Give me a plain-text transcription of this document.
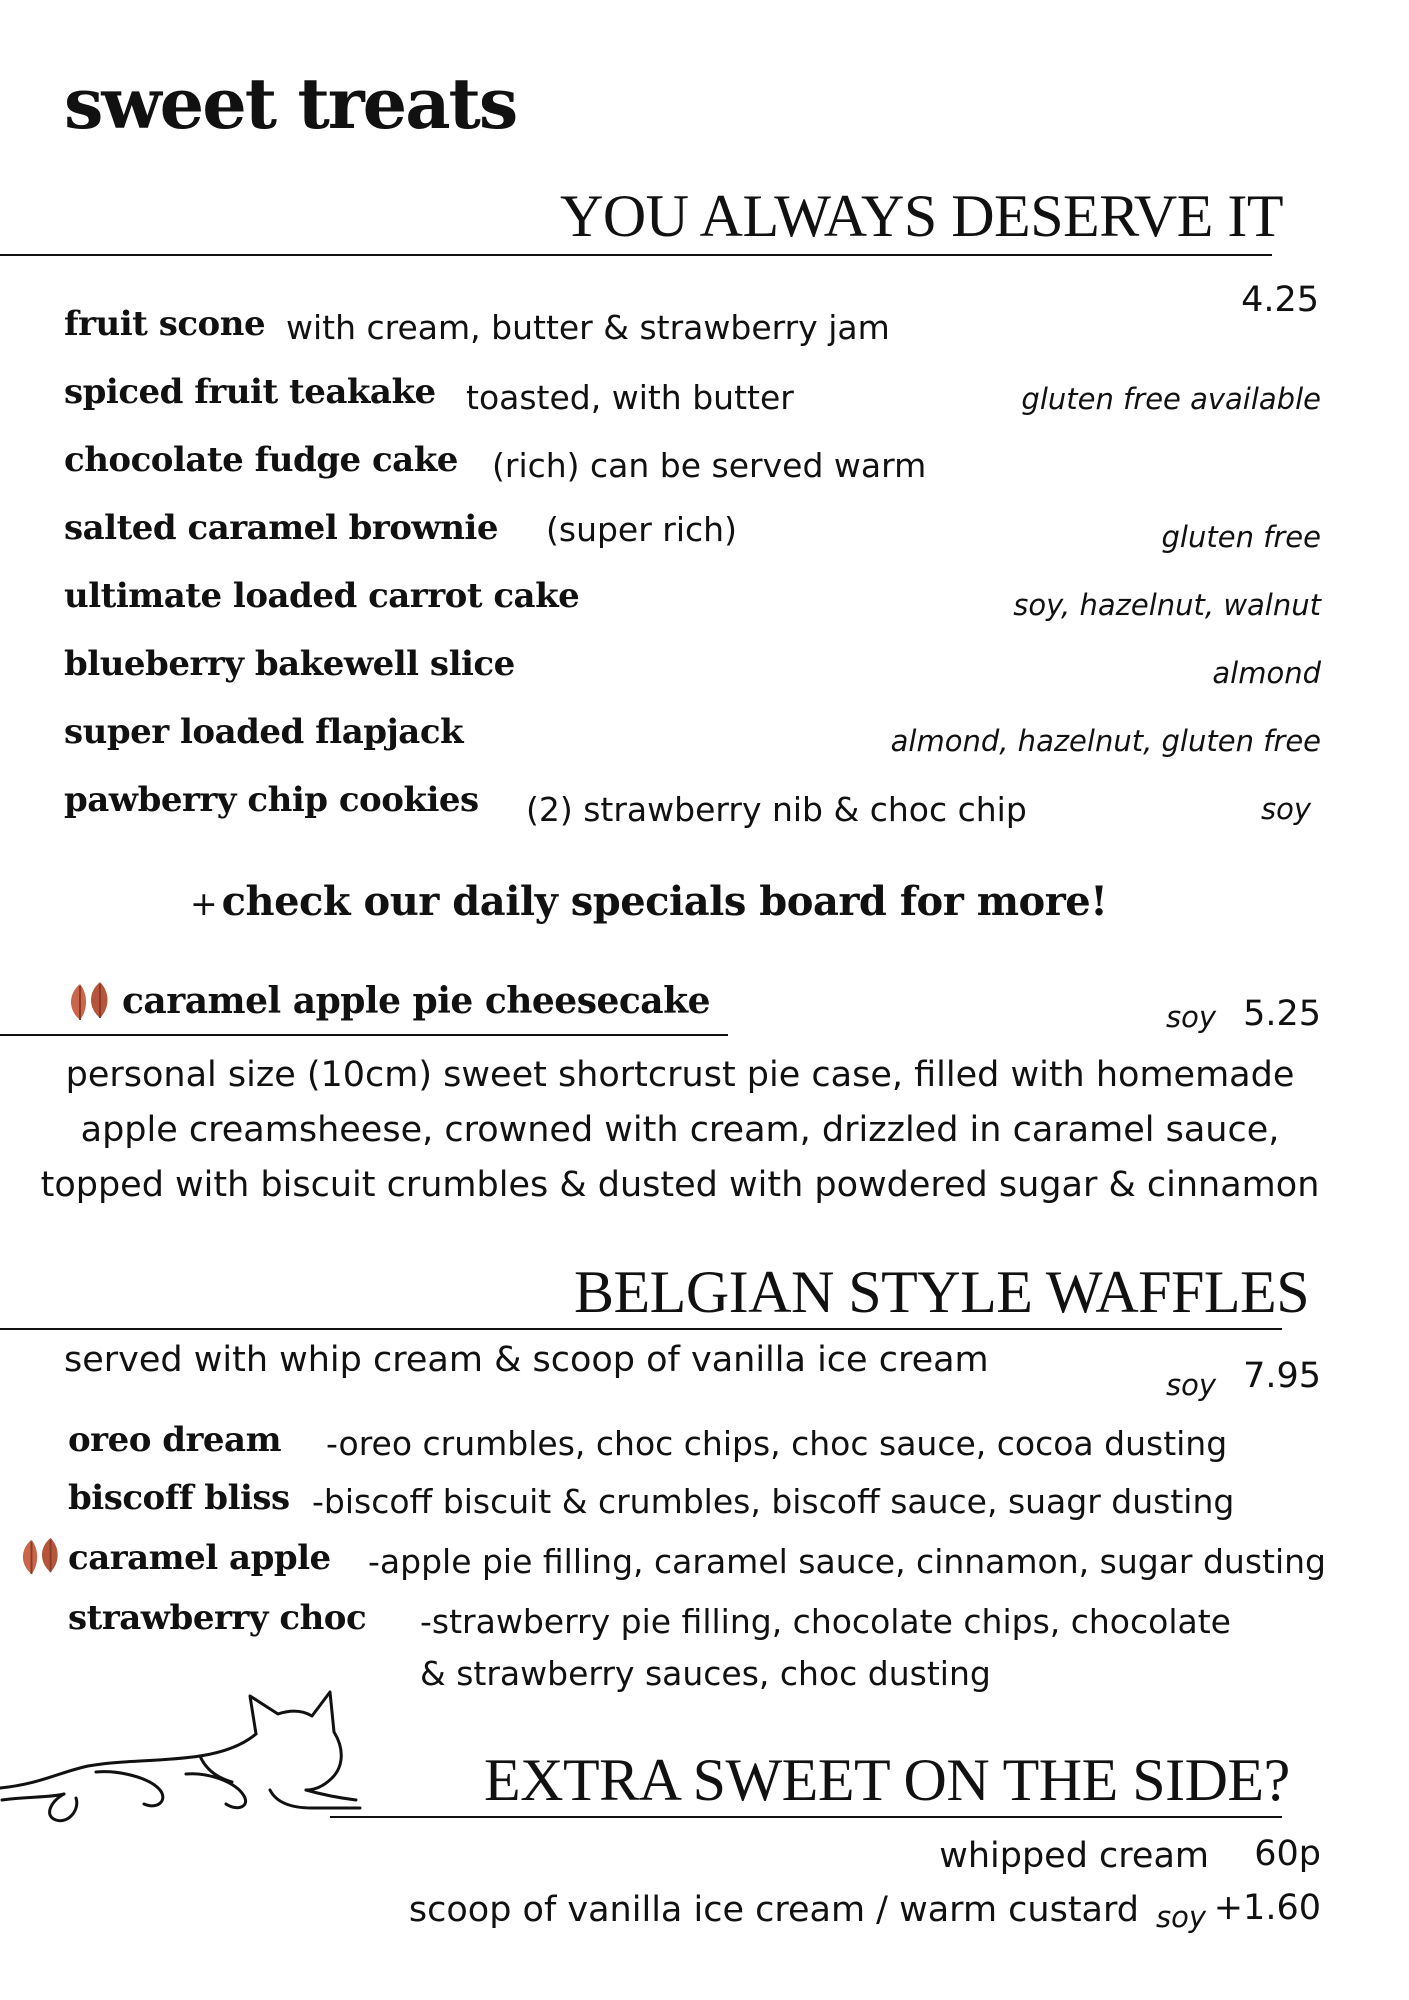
sweet treats
YOU ALWAYS DESERVE IT
4.25
fruit scone with cream, butter & strawberry jam
spiced fruit teakake toasted, with butter	gluten free available
chocolate fudge cake (rich) can be served warm
salted caramel brownie (super rich)	gluten free
ultimate loaded carrot cake	soy, hazelnut, walnut
blueberry bakewell slice	almond
super loaded flapjack	almond, hazelnut, gluten free
pawberry chip cookies (2) strawberry nib & choc chip	soy
+ check our daily specials board for more!
caramel apple pie cheesecake	soy 5.25
personal size (10cm) sweet shortcrust pie case, filled with homemade
apple creamsheese, crowned with cream, drizzled in caramel sauce,
topped with biscuit crumbles & dusted with powdered sugar & cinnamon
BELGIAN STYLE WAFFLES
served with whip cream & scoop of vanilla ice cream
soy 7.95
oreo dream -oreo crumbles, choc chips, choc sauce, cocoa dusting
biscoff bliss -biscoff biscuit & crumbles, biscoff sauce, suagr dusting
caramel apple -apple pie filling, caramel sauce, cinnamon, sugar dusting
strawberry choc -strawberry pie filling, chocolate chips, chocolate
& strawberry sauces, choc dusting
EXTRA SWEET ON THE SIDE?
whipped cream 60p
scoop of vanilla ice cream / warm custard soy +1.60
